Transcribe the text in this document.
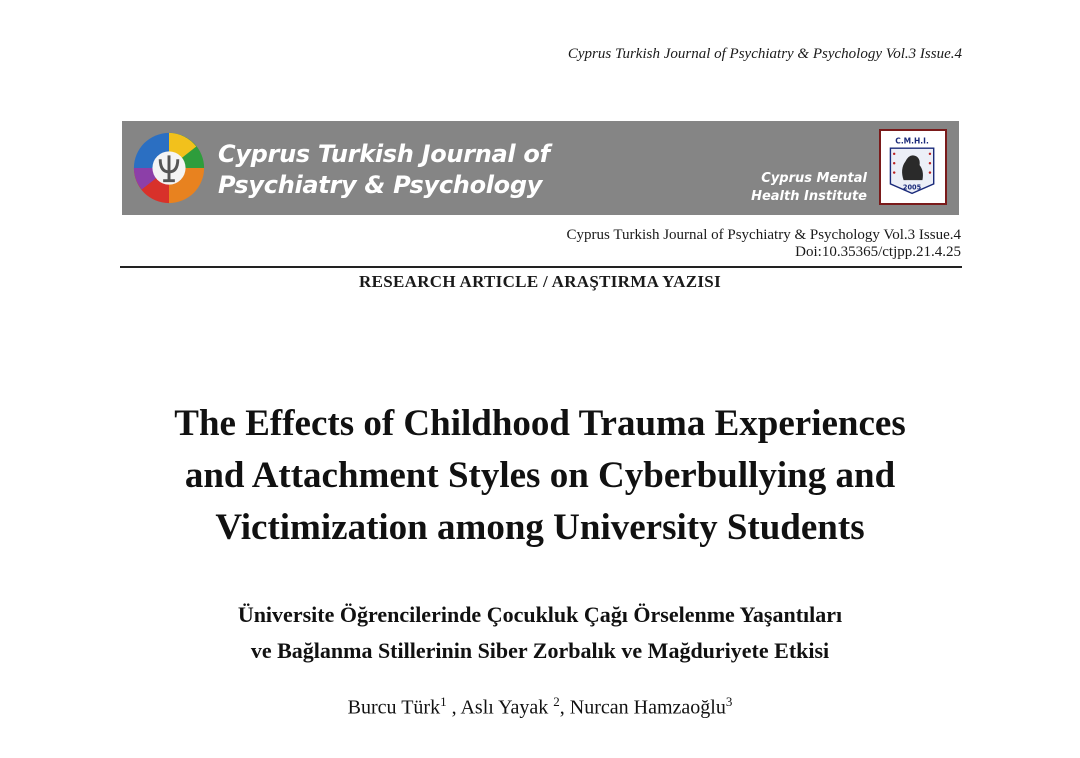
Cyprus Turkish Journal of Psychiatry & Psychology Vol.3 Issue.4
Cyprus Turkish Journal of
Psychiatry & Psychology	Cyprus Mental
Health Institute
C.M.H.I.
2005
Cyprus Turkish Journal of Psychiatry & Psychology Vol.3 Issue.4
Doi:10.35365/ctjpp.21.4.25
RESEARCH ARTICLE / ARAŞTIRMA YAZISI
The Effects of Childhood Trauma Experiences
and Attachment Styles on Cyberbullying and
Victimization among University Students
Üniversite Öğrencilerinde Çocukluk Çağı Örselenme Yaşantıları
ve Bağlanma Stillerinin Siber Zorbalık ve Mağduriyete Etkisi
Burcu Türk$^1$ , Aslı Yayak $^2$, Nurcan Hamzaoğlu$^3$
